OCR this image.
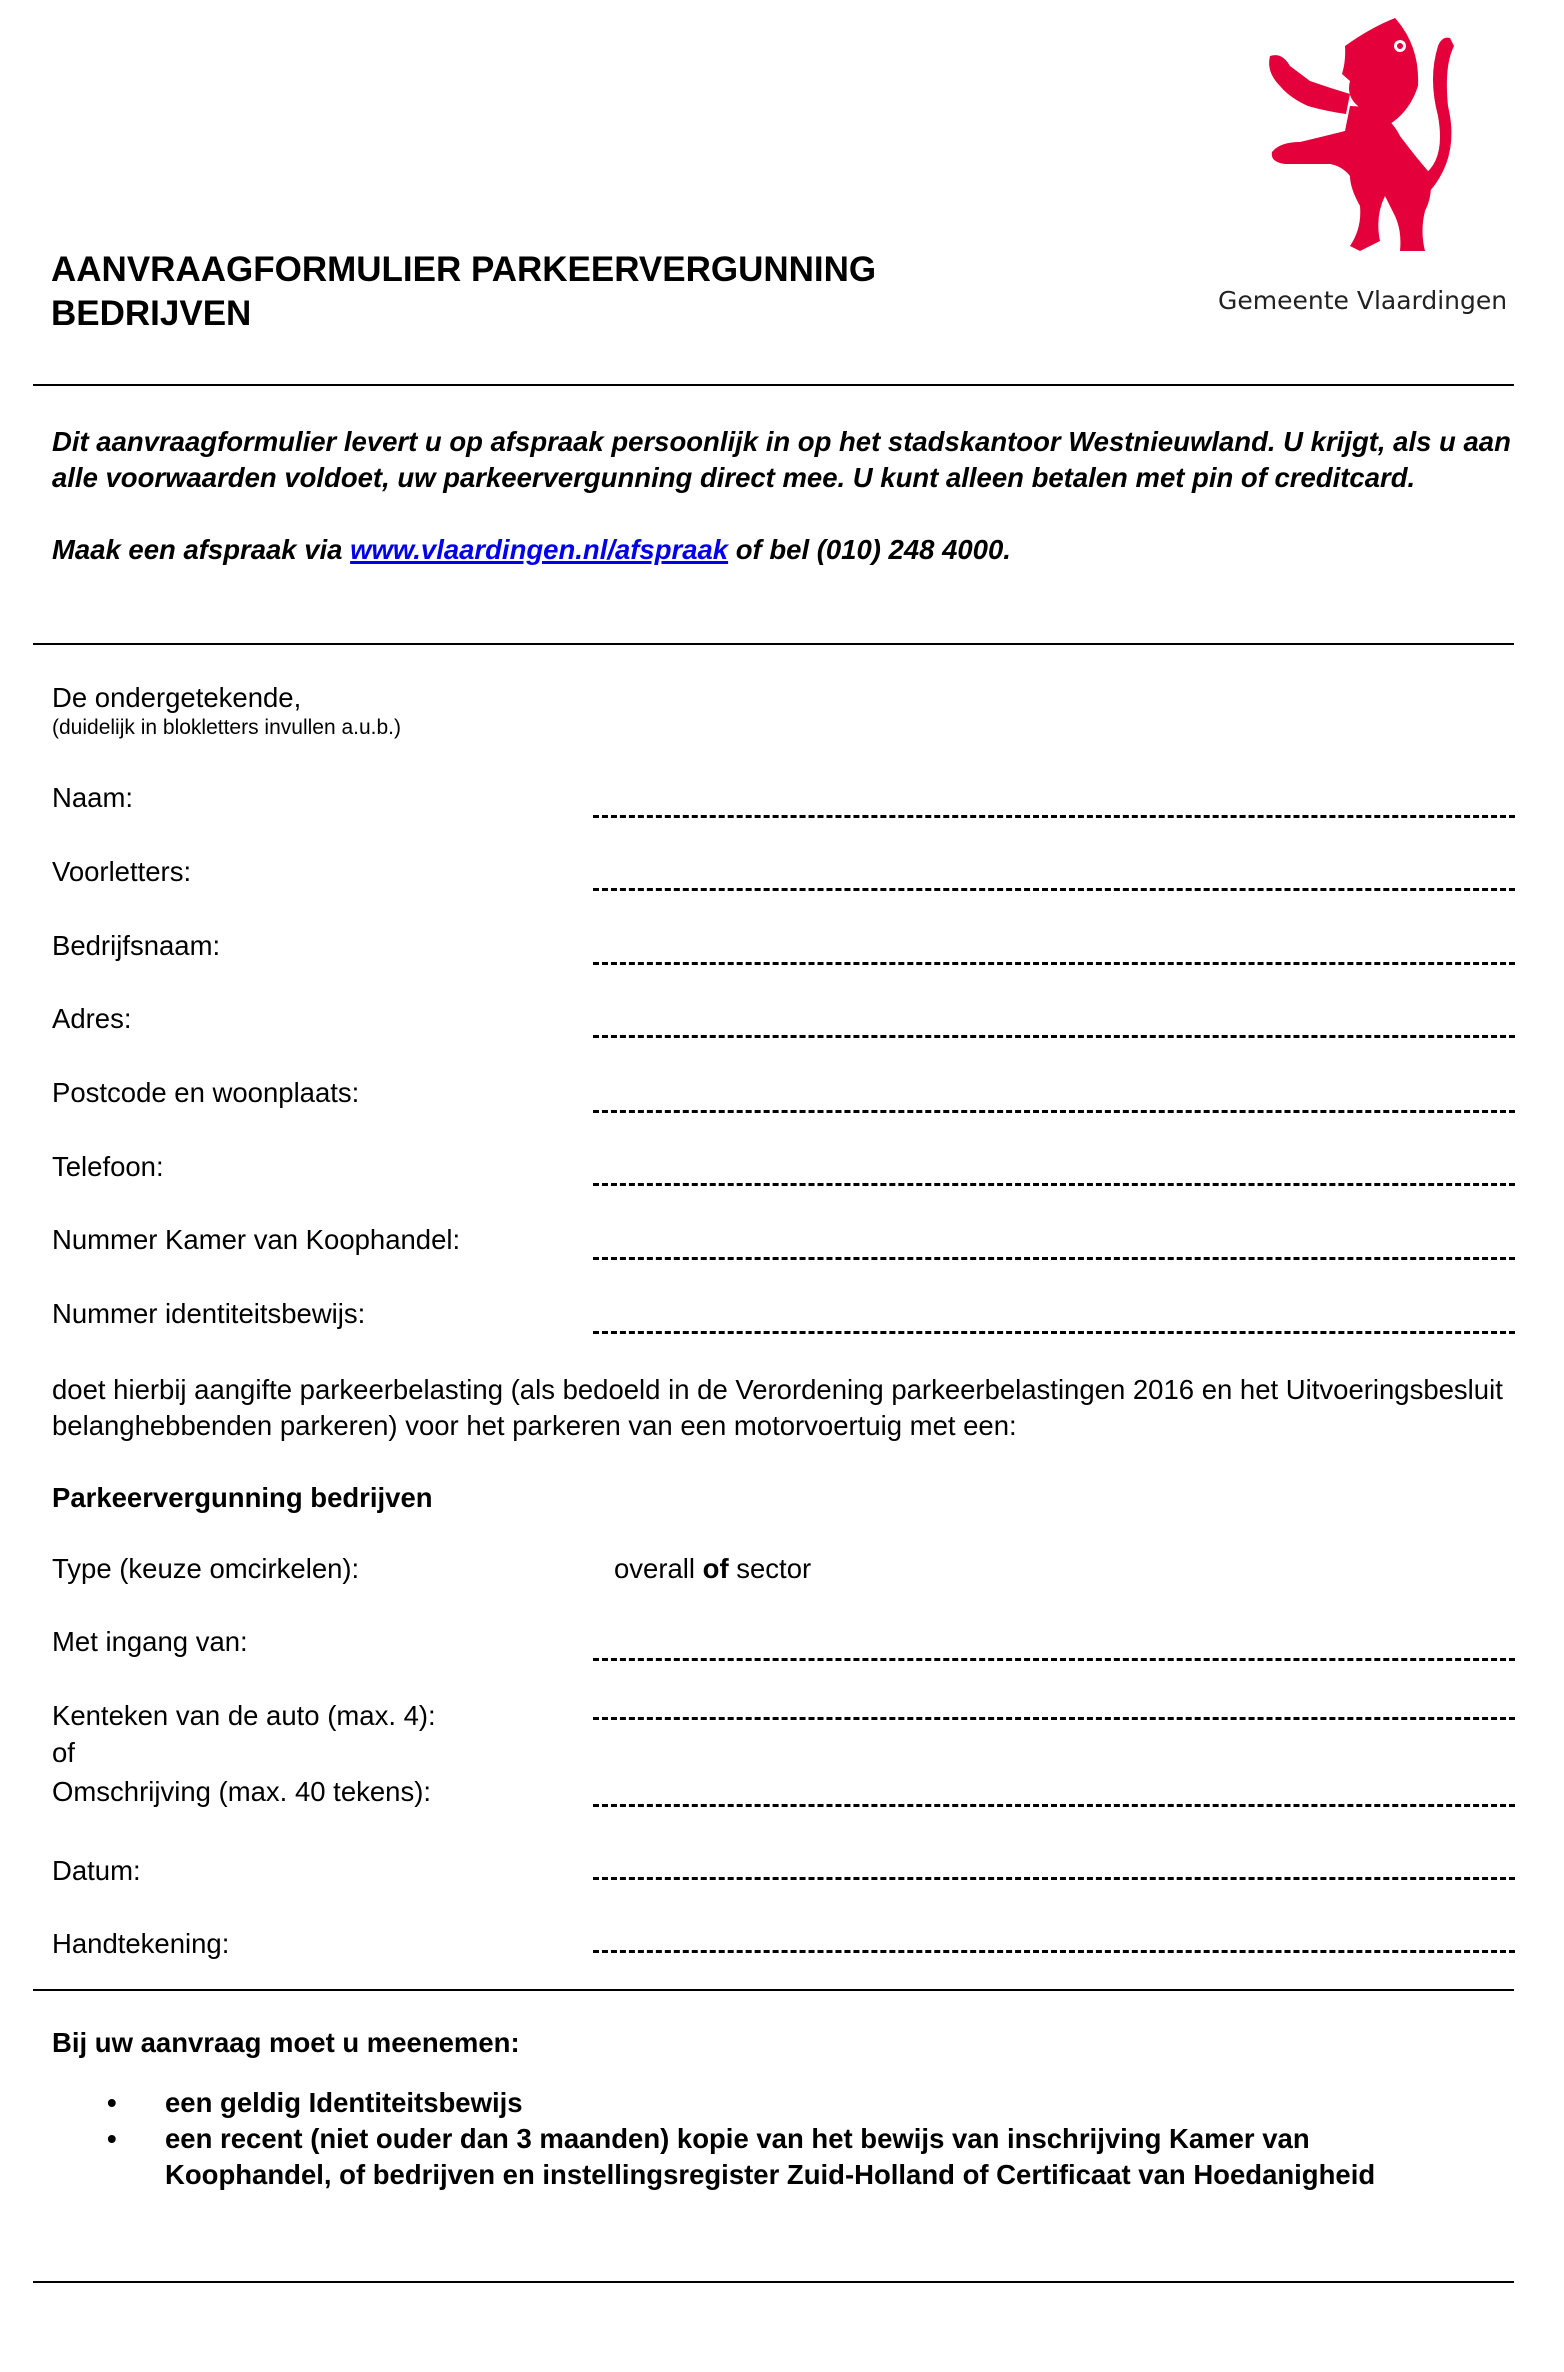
AANVRAAGFORMULIER PARKEERVERGUNNING
BEDRIJVEN	Gemeente Vlaardingen

Dit aanvraagformulier levert u op afspraak persoonlijk in op het stadskantoor Westnieuwland. U krijgt, als u aan alle voorwaarden voldoet, uw parkeervergunning direct mee. U kunt alleen betalen met pin of creditcard.

Maak een afspraak via www.vlaardingen.nl/afspraak of bel (010) 248 4000.

De ondergetekende,
(duidelijk in blokletters invullen a.u.b.)
Naam:
Voorletters:
Bedrijfsnaam:
Adres:
Postcode en woonplaats:
Telefoon:
Nummer Kamer van Koophandel:
Nummer identiteitsbewijs:
doet hierbij aangifte parkeerbelasting (als bedoeld in de Verordening parkeerbelastingen 2016 en het Uitvoeringsbesluit belanghebbenden parkeren) voor het parkeren van een motorvoertuig met een:
Parkeervergunning bedrijven
Type (keuze omcirkelen):	overall of sector
Met ingang van:
Kenteken van de auto (max. 4):
of
Omschrijving (max. 40 tekens):
Datum:
Handtekening:
Bij uw aanvraag moet u meenemen:
• een geldig Identiteitsbewijs
• een recent (niet ouder dan 3 maanden) kopie van het bewijs van inschrijving Kamer van Koophandel, of bedrijven en instellingsregister Zuid-Holland of Certificaat van Hoedanigheid
